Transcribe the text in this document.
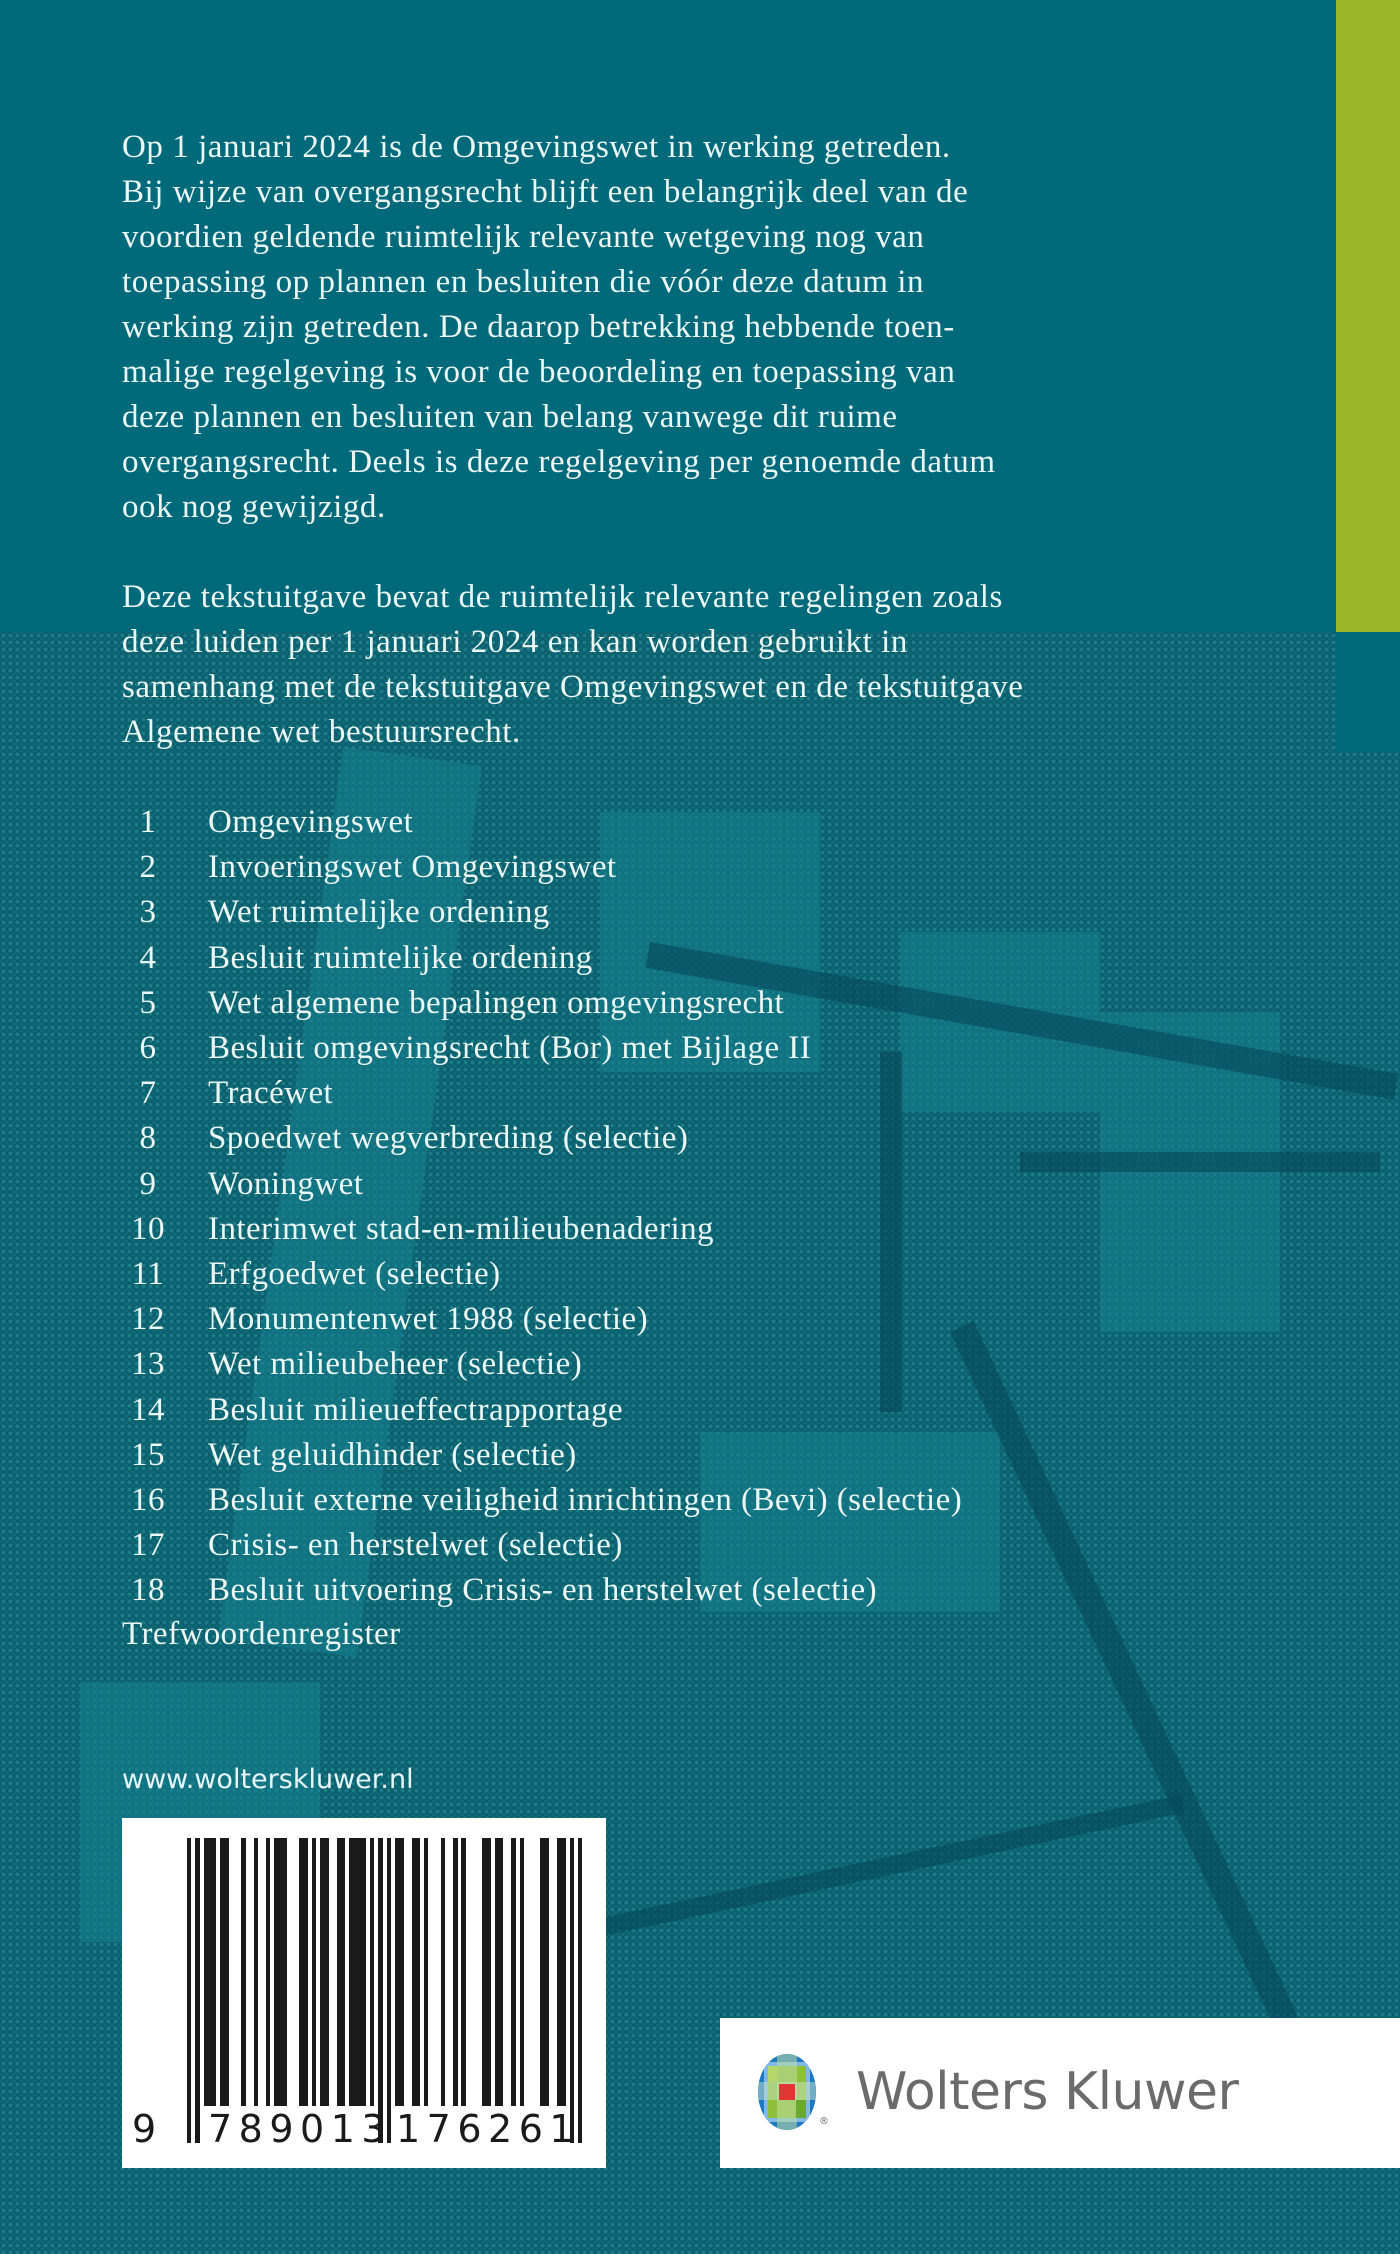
Op 1 januari 2024 is de Omgevingswet in werking getreden.
Bij wijze van overgangsrecht blijft een belangrijk deel van de
voordien geldende ruimtelijk relevante wetgeving nog van
toepassing op plannen en besluiten die vóór deze datum in
werking zijn getreden. De daarop betrekking hebbende toen-
malige regelgeving is voor de beoordeling en toepassing van
deze plannen en besluiten van belang vanwege dit ruime
overgangsrecht. Deels is deze regelgeving per genoemde datum
ook nog gewijzigd.
Deze tekstuitgave bevat de ruimtelijk relevante regelingen zoals
deze luiden per 1 januari 2024 en kan worden gebruikt in
samenhang met de tekstuitgave Omgevingswet en de tekstuitgave
Algemene wet bestuursrecht.
1	Omgevingswet
2	Invoeringswet Omgevingswet
3	Wet ruimtelijke ordening
4	Besluit ruimtelijke ordening
5	Wet algemene bepalingen omgevingsrecht
6	Besluit omgevingsrecht (Bor) met Bijlage II
7	Tracéwet
8	Spoedwet wegverbreding (selectie)
9	Woningwet
10 Interimwet stad-en-milieubenadering
11 Erfgoedwet (selectie)
12 Monumentenwet 1988 (selectie)
13 Wet milieubeheer (selectie)
14 Besluit milieueffectrapportage
15 Wet geluidhinder (selectie)
16 Besluit externe veiligheid inrichtingen (Bevi) (selectie)
17 Crisis- en herstelwet (selectie)
18 Besluit uitvoering Crisis- en herstelwet (selectie)
Trefwoordenregister
www.wolterskluwer.nl
9 789013 176261	® Wolters Kluwer
